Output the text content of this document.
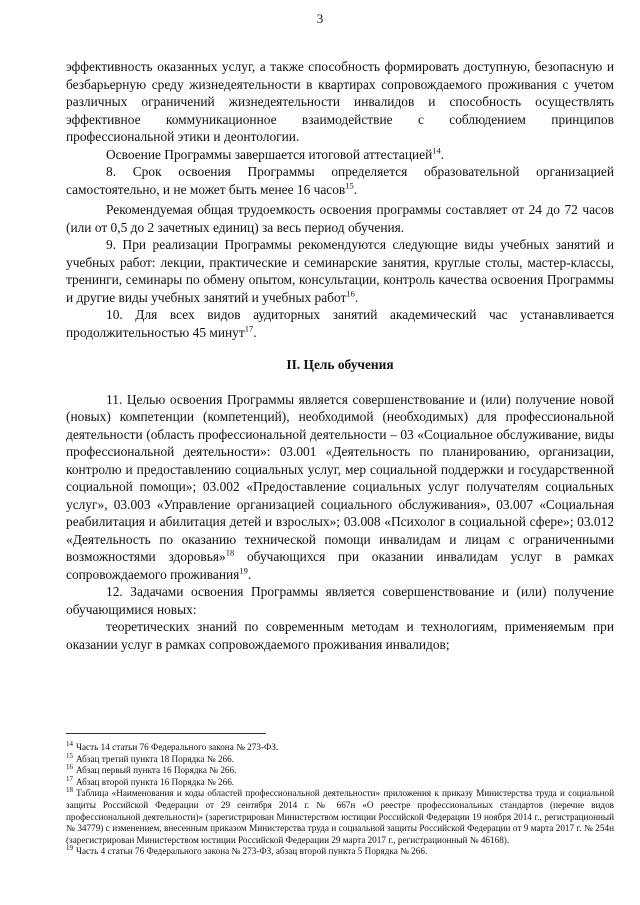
3

эффективность оказанных услуг, а также способность формировать доступную, безопасную и безбарьерную среду жизнедеятельности в квартирах сопровождаемого проживания с учетом различных ограничений жизнедеятельности инвалидов и способность осуществлять эффективное коммуникационное взаимодействие с соблюдением принципов профессиональной этики и деонтологии.

Освоение Программы завершается итоговой аттестацией$^{14}$.

8. Срок освоения Программы определяется образовательной организацией самостоятельно, и не может быть менее 16 часов$^{15}$.

Рекомендуемая общая трудоемкость освоения программы составляет от 24 до 72 часов (или от 0,5 до 2 зачетных единиц) за весь период обучения.

9. При реализации Программы рекомендуются следующие виды учебных занятий и учебных работ: лекции, практические и семинарские занятия, круглые столы, мастер-классы, тренинги, семинары по обмену опытом, консультации, контроль качества освоения Программы и другие виды учебных занятий и учебных работ$^{16}$.

10. Для всех видов аудиторных занятий академический час устанавливается продолжительностью 45 минут$^{17}$.

II. Цель обучения

11. Целью освоения Программы является совершенствование и (или) получение новой (новых) компетенции (компетенций), необходимой (необходимых) для профессиональной деятельности (область профессиональной деятельности – 03 «Социальное обслуживание, виды профессиональной деятельности»: 03.001 «Деятельность по планированию, организации, контролю и предоставлению социальных услуг, мер социальной поддержки и государственной социальной помощи»; 03.002 «Предоставление социальных услуг получателям социальных услуг», 03.003 «Управление организацией социального обслуживания», 03.007 «Социальная реабилитация и абилитация детей и взрослых»; 03.008 «Психолог в социальной сфере»; 03.012 «Деятельность по оказанию технической помощи инвалидам и лицам с ограниченными возможностями здоровья»$^{18}$ обучающихся при оказании инвалидам услуг в рамках сопровождаемого проживания$^{19}$.

12. Задачами освоения Программы является совершенствование и (или) получение обучающимися новых:

теоретических знаний по современным методам и технологиям, применяемым при оказании услуг в рамках сопровождаемого проживания инвалидов;

$^{14}$ Часть 14 статьи 76 Федерального закона № 273-ФЗ.

$^{15}$ Абзац третий пункта 18 Порядка № 266.

$^{16}$ Абзац первый пункта 16 Порядка № 266.

$^{17}$ Абзац второй пункта 16 Порядка № 266.

$^{18}$ Таблица «Наименования и коды областей профессиональной деятельности» приложения к приказу Министерства труда и социальной защиты Российской Федерации от 29 сентября 2014 г. № 667н «О реестре профессиональных стандартов (перечне видов профессиональной деятельности)» (зарегистрирован Министерством юстиции Российской Федерации 19 ноября 2014 г., регистрационный № 34779) с изменением, внесенным приказом Министерства труда и социальной защиты Российской Федерации от 9 марта 2017 г. № 254н (зарегистрирован Министерством юстиции Российской Федерации 29 марта 2017 г., регистрационный № 46168).

$^{19}$ Часть 4 статьи 76 Федерального закона № 273-ФЗ, абзац второй пункта 5 Порядка № 266.
